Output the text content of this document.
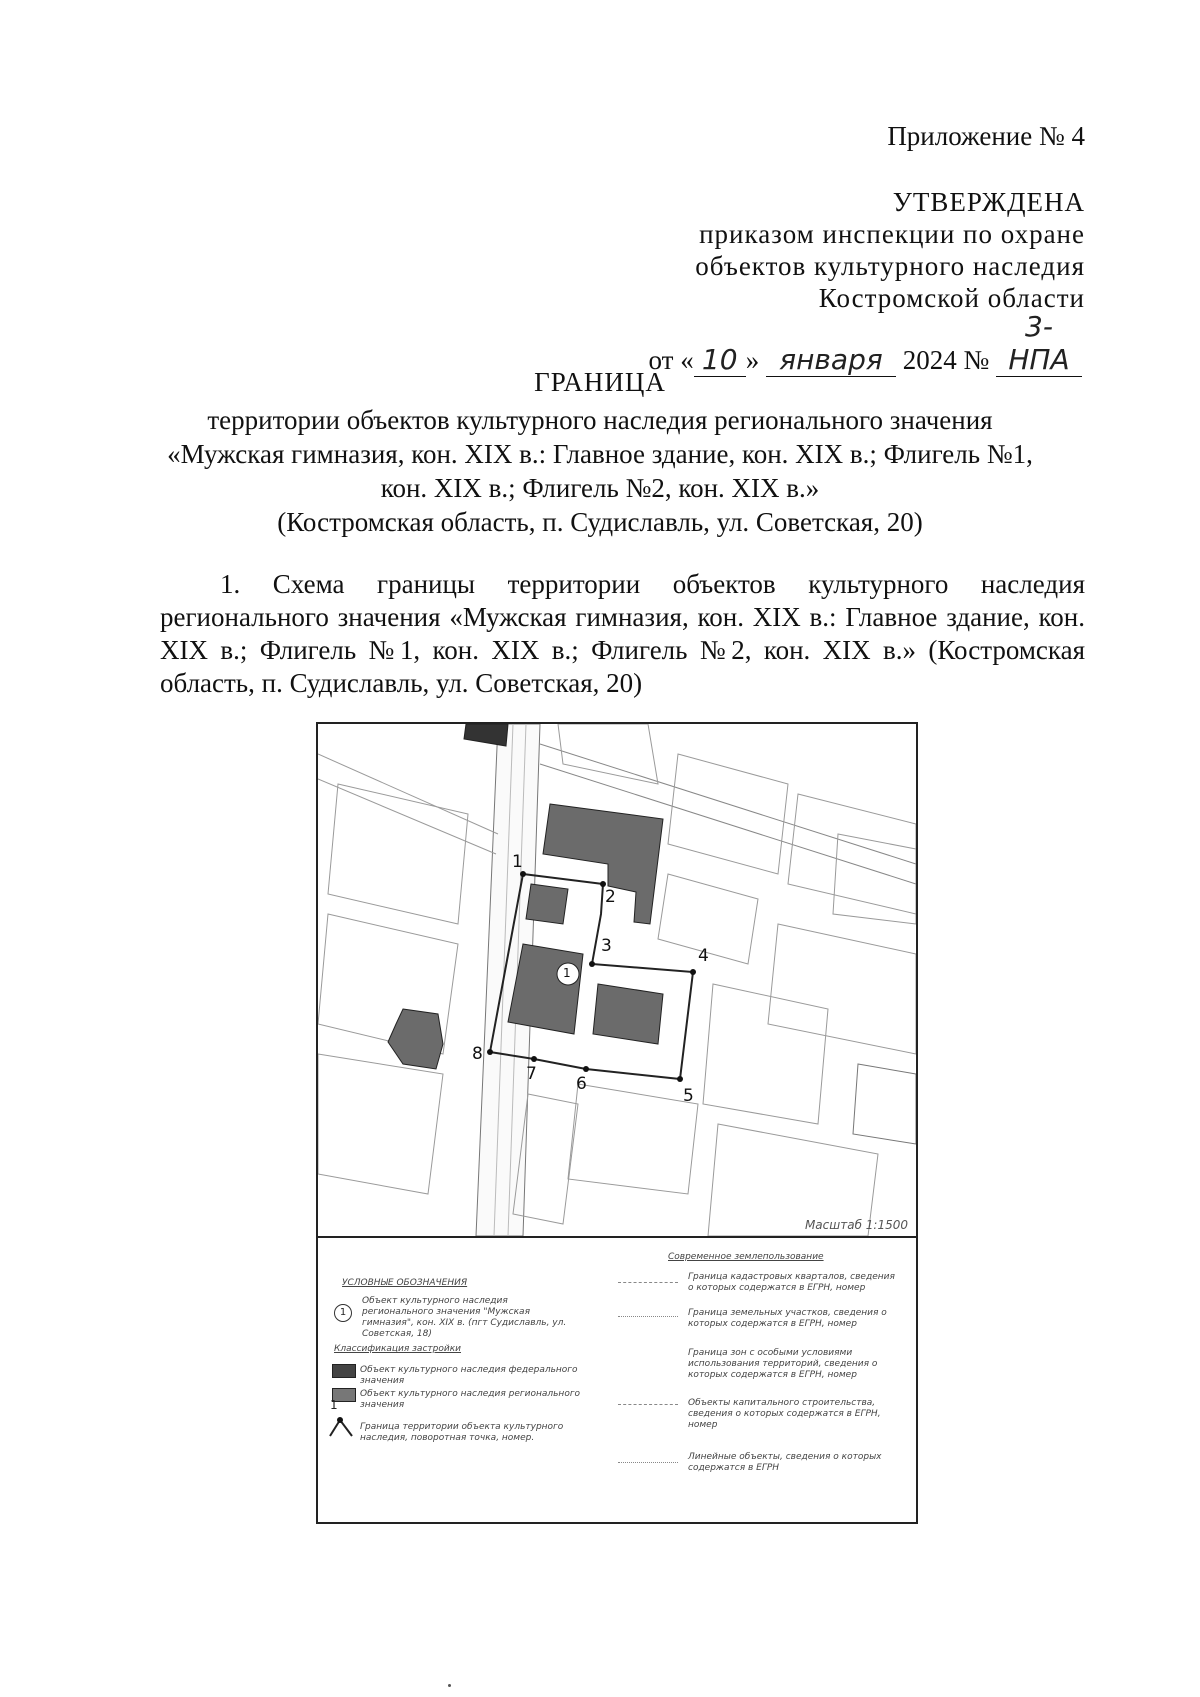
Приложение № 4
УТВЕРЖДЕНА
приказом инспекции по охране
объектов культурного наследия
Костромской области
от « 10 » января 2024 № 3-НПА
ГРАНИЦА
территории объектов культурного наследия регионального значения
«Мужская гимназия, кон. XIX в.: Главное здание, кон. XIX в.; Флигель №1,
кон. XIX в.; Флигель №2, кон. XIX в.»
(Костромская область, п. Судиславль, ул. Советская, 20)
1. Схема границы территории объектов культурного наследия регионального значения «Мужская гимназия, кон. XIX в.: Главное здание, кон. XIX в.; Флигель №1, кон. XIX в.; Флигель №2, кон. XIX в.» (Костромская область, п. Судиславль, ул. Советская, 20)
1
2
3	4
5
6
7
8
1
Масштаб 1:1500
УСЛОВНЫЕ ОБОЗНАЧЕНИЯ
1
Объект культурного наследия регионального значения "Мужская гимназия", кон. XIX в. (пгт Судиславль, ул. Советская, 18)
Классификация застройки
Объект культурного наследия федерального значения
Объект культурного наследия регионального значения
1
Граница территории объекта культурного наследия, поворотная точка, номер.
Современное землепользование
Граница кадастровых кварталов, сведения о которых содержатся в ЕГРН, номер
Граница земельных участков, сведения о которых содержатся в ЕГРН, номер
Граница зон с особыми условиями использования территорий, сведения о которых содержатся в ЕГРН, номер
Объекты капитального строительства, сведения о которых содержатся в ЕГРН, номер
Линейные объекты, сведения о которых содержатся в ЕГРН
